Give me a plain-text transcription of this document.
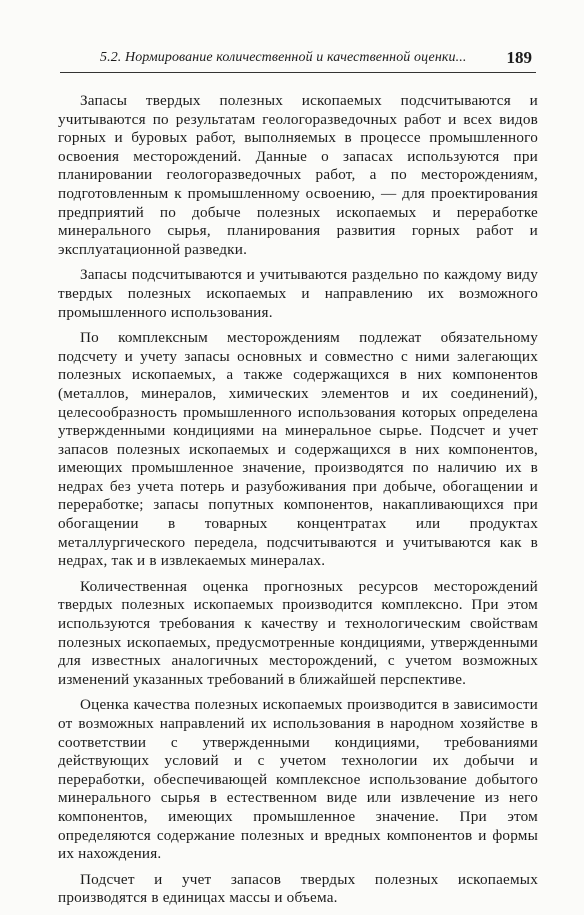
5.2. Нормирование количественной и качественной оценки... 189

Запасы твердых полезных ископаемых подсчитываются и учитываются по результатам геологоразведочных работ и всех видов горных и буровых работ, выполняемых в процессе промышленного освоения месторождений. Данные о запасах используются при планировании геологоразведочных работ, а по месторождениям, подготовленным к промышленному освоению, — для проектирования предприятий по добыче полезных ископаемых и переработке минерального сырья, планирования развития горных работ и эксплуатационной разведки.

Запасы подсчитываются и учитываются раздельно по каждому виду твердых полезных ископаемых и направлению их возможного промышленного использования.

По комплексным месторождениям подлежат обязательному подсчету и учету запасы основных и совместно с ними залегающих полезных ископаемых, а также содержащихся в них компонентов (металлов, минералов, химических элементов и их соединений), целесообразность промышленного использования которых определена утвержденными кондициями на минеральное сырье. Подсчет и учет запасов полезных ископаемых и содержащихся в них компонентов, имеющих промышленное значение, производятся по наличию их в недрах без учета потерь и разубоживания при добыче, обогащении и переработке; запасы попутных компонентов, накапливающихся при обогащении в товарных концентратах или продуктах металлургического передела, подсчитываются и учитываются как в недрах, так и в извлекаемых минералах.

Количественная оценка прогнозных ресурсов месторождений твердых полезных ископаемых производится комплексно. При этом используются требования к качеству и технологическим свойствам полезных ископаемых, предусмотренные кондициями, утвержденными для известных аналогичных месторождений, с учетом возможных изменений указанных требований в ближайшей перспективе.

Оценка качества полезных ископаемых производится в зависимости от возможных направлений их использования в народном хозяйстве в соответствии с утвержденными кондициями, требованиями действующих условий и с учетом технологии их добычи и переработки, обеспечивающей комплексное использование добытого минерального сырья в естественном виде или извлечение из него компонентов, имеющих промышленное значение. При этом определяются содержание полезных и вредных компонентов и формы их нахождения.

Подсчет и учет запасов твердых полезных ископаемых производятся в единицах массы и объема.
